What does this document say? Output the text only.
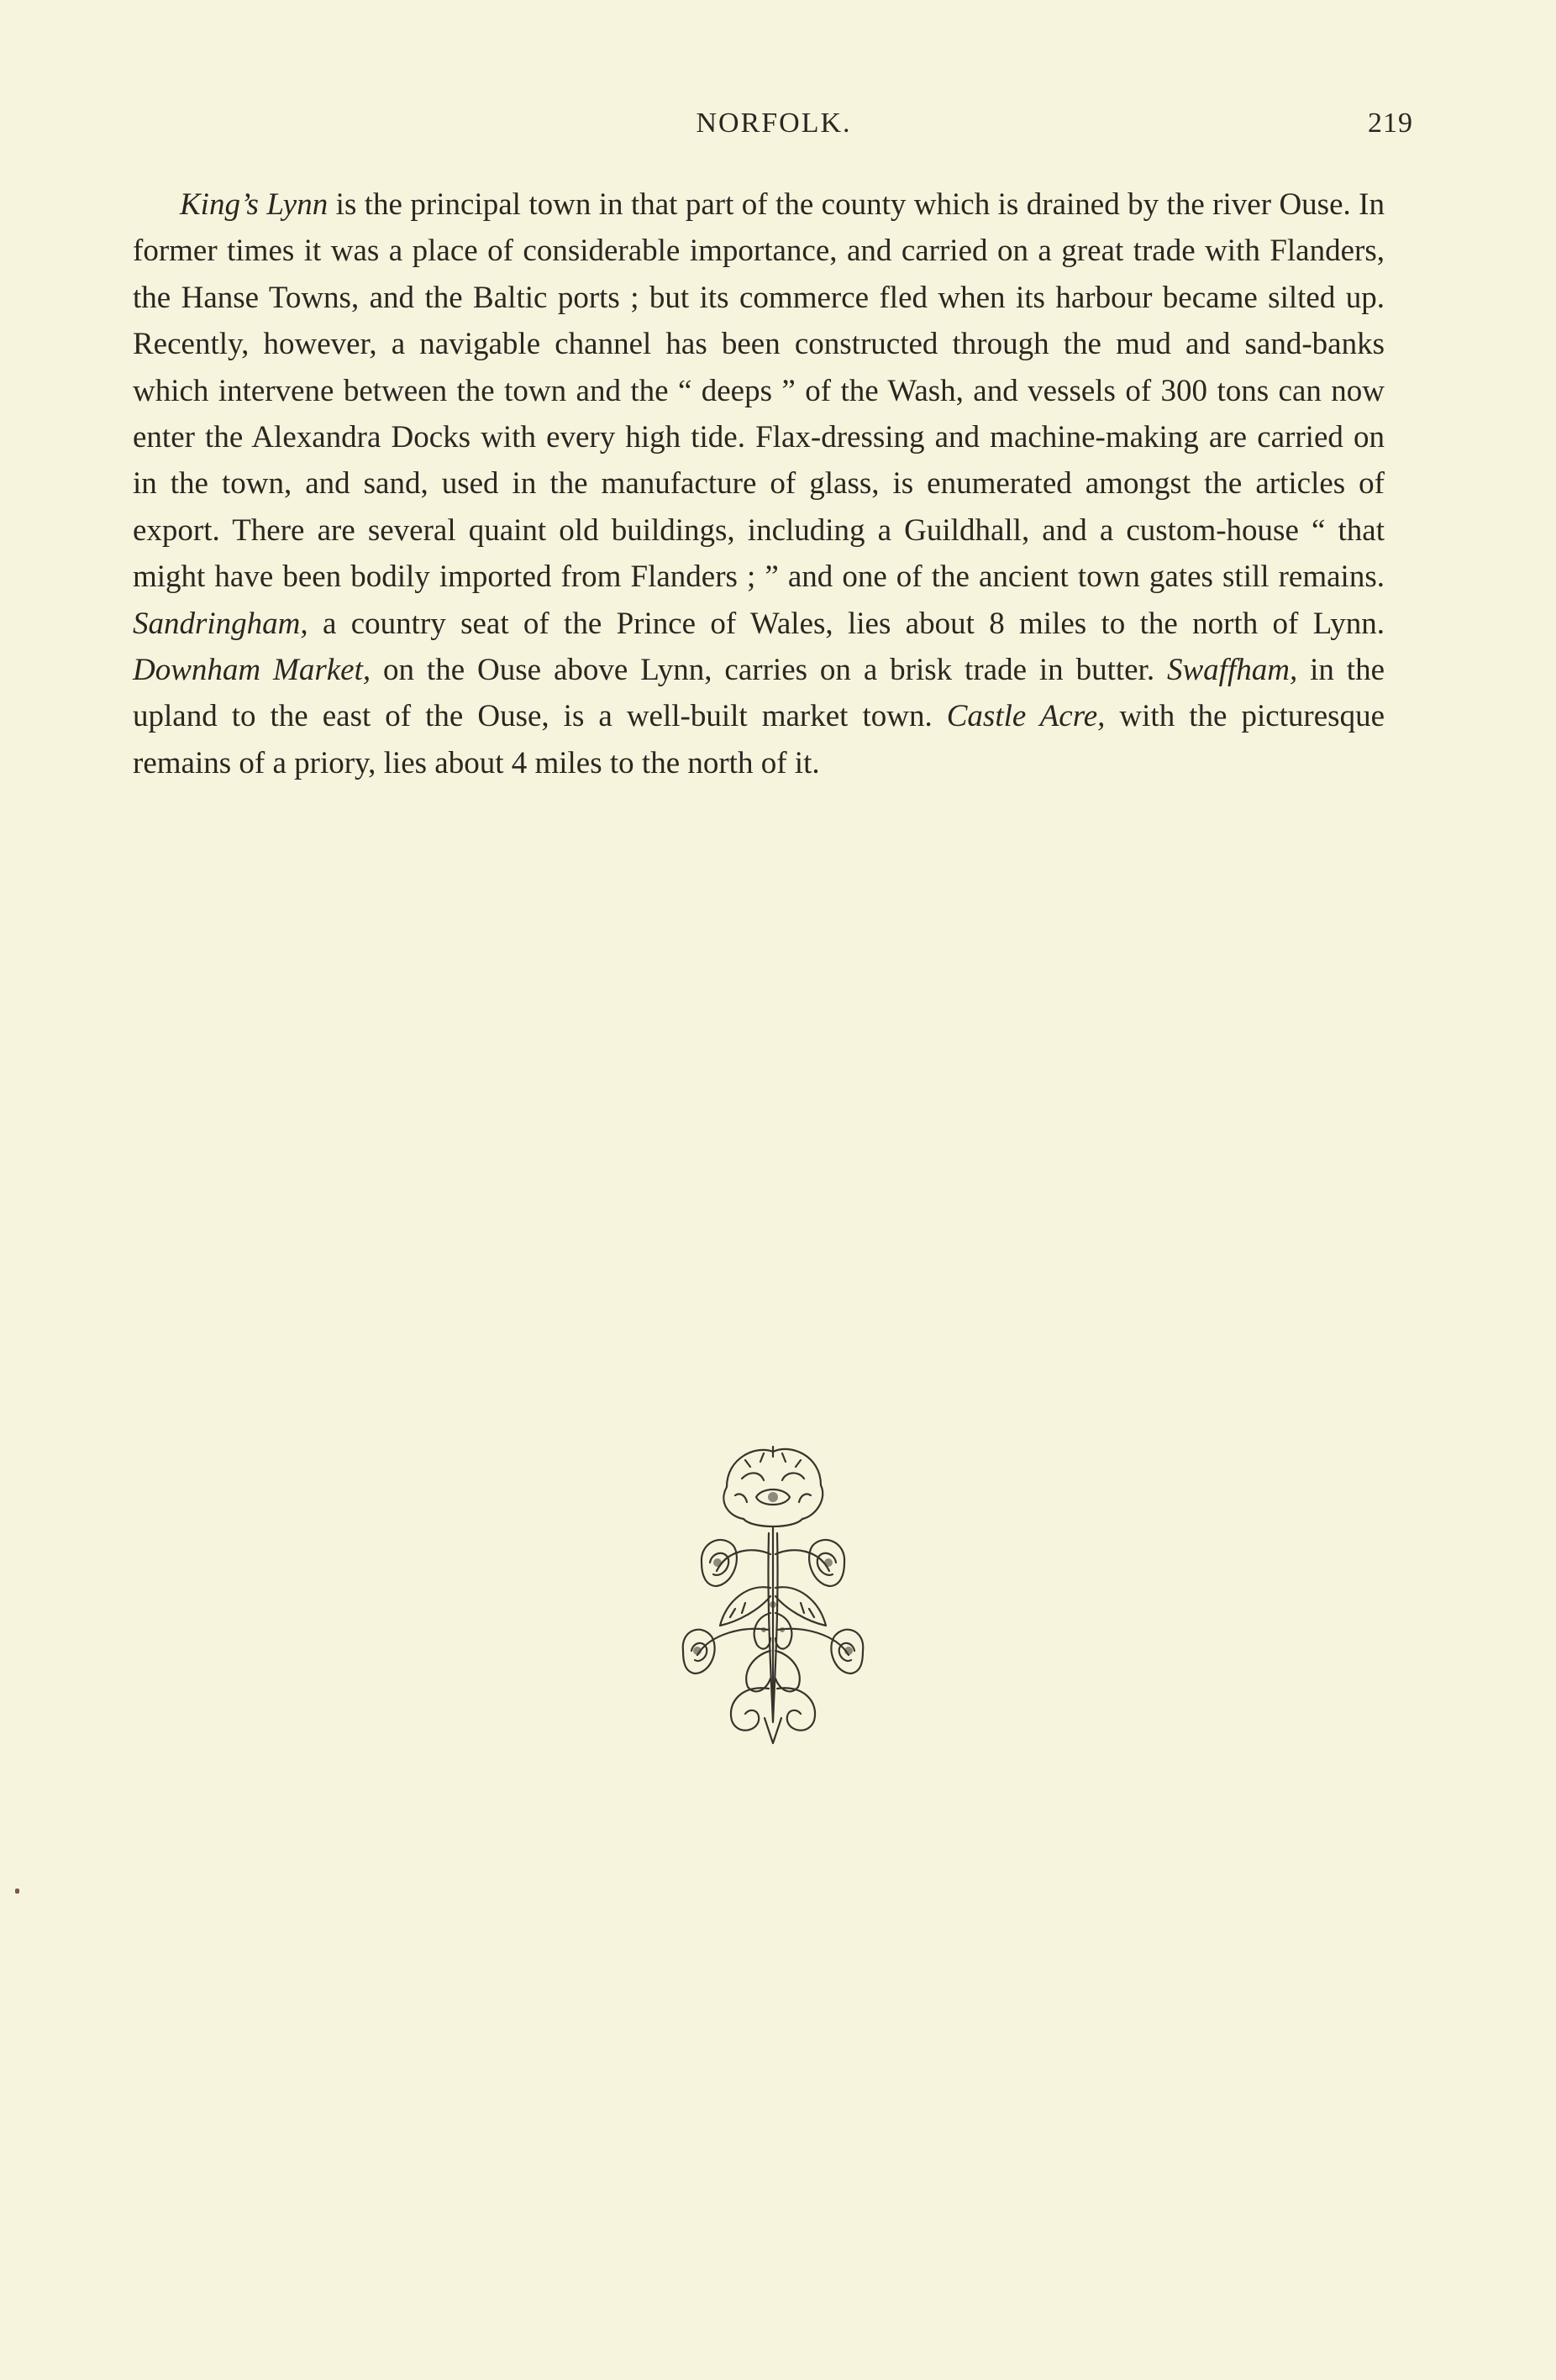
NORFOLK.	219

King’s Lynn is the principal town in that part of the county which is drained by the river Ouse. In former times it was a place of considerable importance, and carried on a great trade with Flanders, the Hanse Towns, and the Baltic ports ; but its commerce fled when its harbour became silted up. Recently, however, a navigable channel has been constructed through the mud and sand-banks which intervene between the town and the “ deeps ” of the Wash, and vessels of 300 tons can now enter the Alexandra Docks with every high tide. Flax-dressing and machine-making are carried on in the town, and sand, used in the manufacture of glass, is enumerated amongst the articles of export. There are several quaint old buildings, including a Guildhall, and a custom-house “ that might have been bodily imported from Flanders ; ” and one of the ancient town gates still remains. Sandringham, a country seat of the Prince of Wales, lies about 8 miles to the north of Lynn. Downham Market, on the Ouse above Lynn, carries on a brisk trade in butter. Swaffham, in the upland to the east of the Ouse, is a well-built market town. Castle Acre, with the picturesque remains of a priory, lies about 4 miles to the north of it.
